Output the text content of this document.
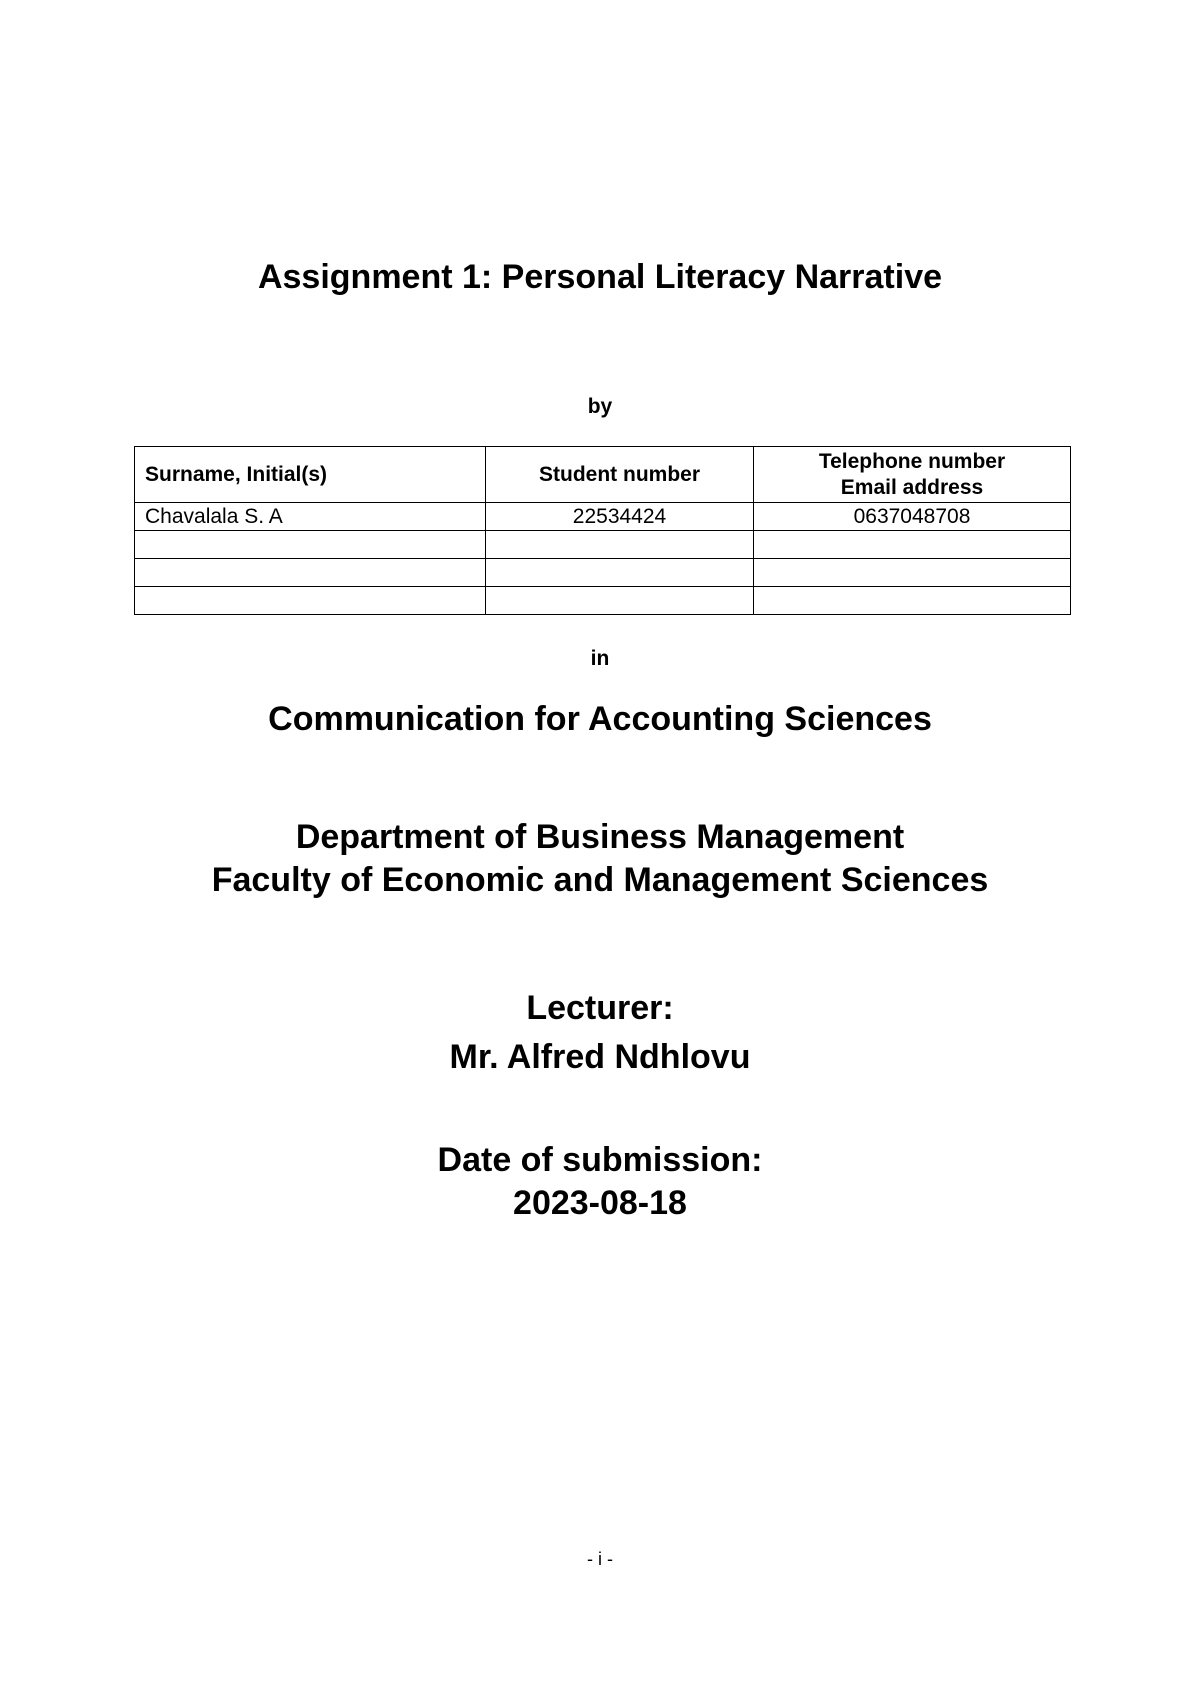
Assignment 1: Personal Literacy Narrative
by
Surname, Initial(s)	Student number	Telephone number
Email address

Chavalala S. A	22534424	0637048708

in
Communication for Accounting Sciences
Department of Business Management
Faculty of Economic and Management Sciences
Lecturer:
Mr. Alfred Ndhlovu
Date of submission:
2023-08-18
- i -
